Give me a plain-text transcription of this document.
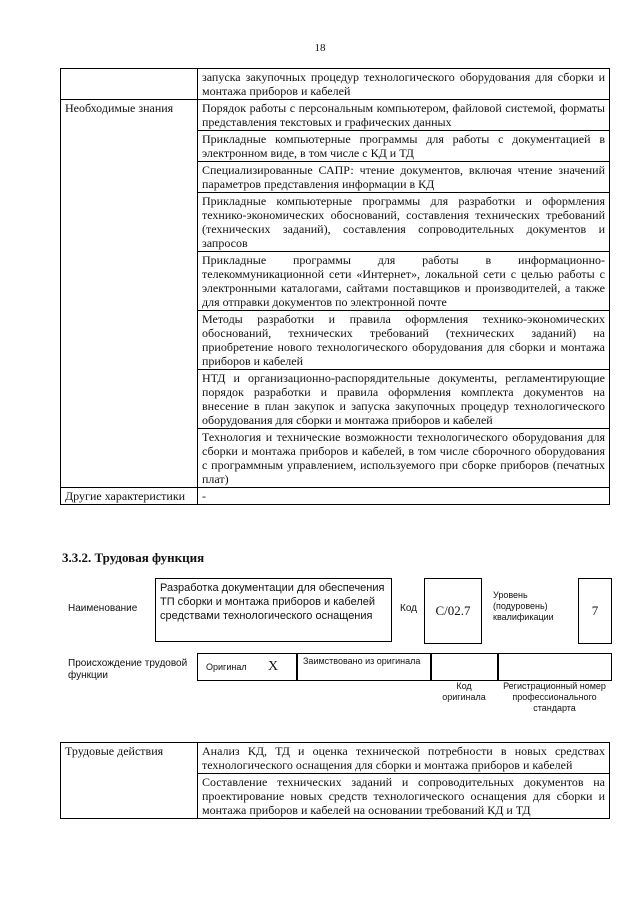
18
	запуска закупочных процедур технологического оборудования для сборки и монтажа приборов и кабелей
Необходимые знания	Порядок работы с персональным компьютером, файловой системой, форматы представления текстовых и графических данных
	Прикладные компьютерные программы для работы с документацией в электронном виде, в том числе с КД и ТД
	Специализированные САПР: чтение документов, включая чтение значений параметров представления информации в КД
	Прикладные компьютерные программы для разработки и оформления технико-экономических обоснований, составления технических требований (технических заданий), составления сопроводительных документов и запросов
	Прикладные программы для работы в информационно-телекоммуникационной сети «Интернет», локальной сети с целью работы с электронными каталогами, сайтами поставщиков и производителей, а также для отправки документов по электронной почте
	Методы разработки и правила оформления технико-экономических обоснований, технических требований (технических заданий) на приобретение нового технологического оборудования для сборки и монтажа приборов и кабелей
	НТД и организационно-распорядительные документы, регламентирующие порядок разработки и правила оформления комплекта документов на внесение в план закупок и запуска закупочных процедур технологического оборудования для сборки и монтажа приборов и кабелей
	Технология и технические возможности технологического оборудования для сборки и монтажа приборов и кабелей, в том числе сборочного оборудования с программным управлением, используемого при сборке приборов (печатных плат)
Другие характеристики	-
3.3.2. Трудовая функция
Наименование
Разработка документации для обеспечения ТП сборки и монтажа приборов и кабелей средствами технологического оснащения
Код	C/02.7
Уровень (подуровень) квалификации	7
Происхождение трудовой функции
Оригинал X	Заимствовано из оригинала
Код оригинала
Регистрационный номер профессионального стандарта
Трудовые действия	Анализ КД, ТД и оценка технической потребности в новых средствах технологического оснащения для сборки и монтажа приборов и кабелей
Составление технических заданий и сопроводительных документов на проектирование новых средств технологического оснащения для сборки и монтажа приборов и кабелей на основании требований КД и ТД
